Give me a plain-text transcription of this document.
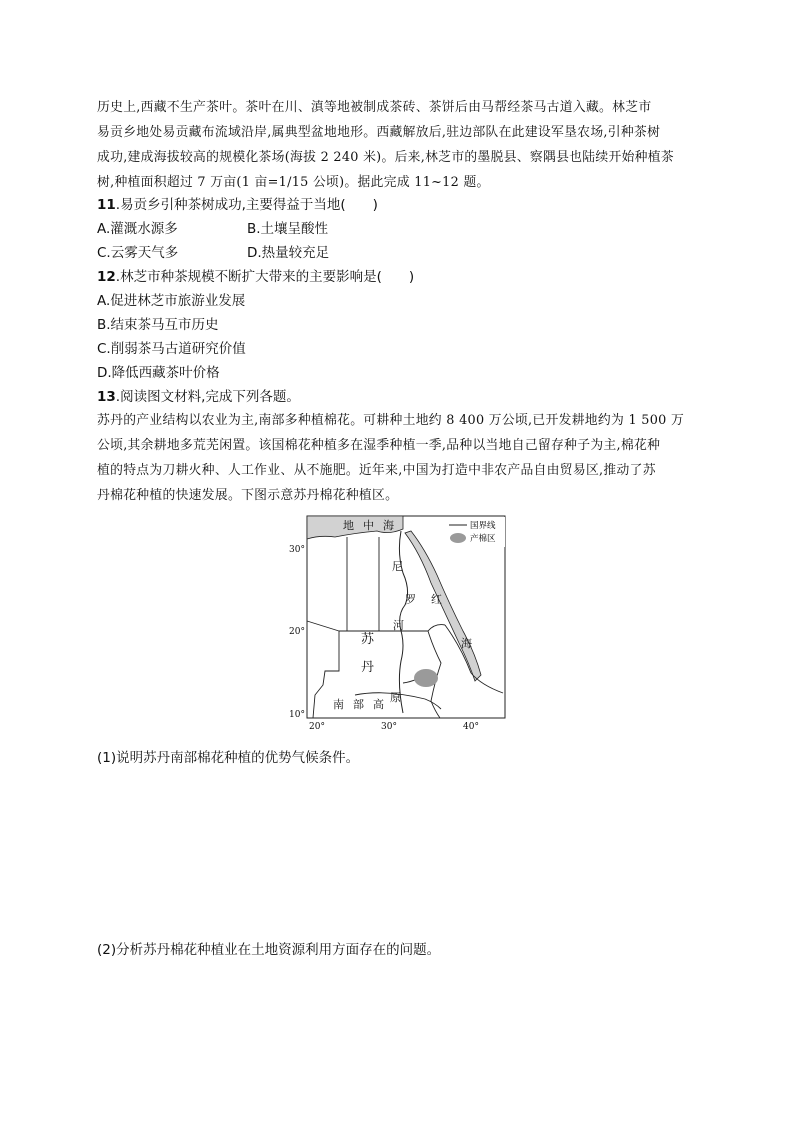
历史上,西藏不生产茶叶。茶叶在川、滇等地被制成茶砖、茶饼后由马帮经茶马古道入藏。林芝市
易贡乡地处易贡藏布流域沿岸,属典型盆地地形。西藏解放后,驻边部队在此建设军垦农场,引种茶树
成功,建成海拔较高的规模化茶场(海拔 2 240 米)。后来,林芝市的墨脱县、察隅县也陆续开始种植茶
树,种植面积超过 7 万亩(1 亩=1/15 公顷)。据此完成 11~12 题。

11.易贡乡引种茶树成功,主要得益于当地(　　)

A.灌溉水源多	B.土壤呈酸性

C.云雾天气多	D.热量较充足

12.林芝市种茶规模不断扩大带来的主要影响是(　　)

A.促进林芝市旅游业发展

B.结束茶马互市历史

C.削弱茶马古道研究价值

D.降低西藏茶叶价格

13.阅读图文材料,完成下列各题。

苏丹的产业结构以农业为主,南部多种植棉花。可耕种土地约 8 400 万公顷,已开发耕地约为 1 500 万
公顷,其余耕地多荒芜闲置。该国棉花种植多在湿季种植一季,品种以当地自己留存种子为主,棉花种
植的特点为刀耕火种、人工作业、从不施肥。近年来,中国为打造中非农产品自由贸易区,推动了苏
丹棉花种植的快速发展。下图示意苏丹棉花种植区。
国界线
产棉区
地 中 海
尼
罗
河
红
海
苏
丹
南 部 高
原
30°
20°
10°
20°	30°	40°

(1)说明苏丹南部棉花种植的优势气候条件。

(2)分析苏丹棉花种植业在土地资源利用方面存在的问题。
